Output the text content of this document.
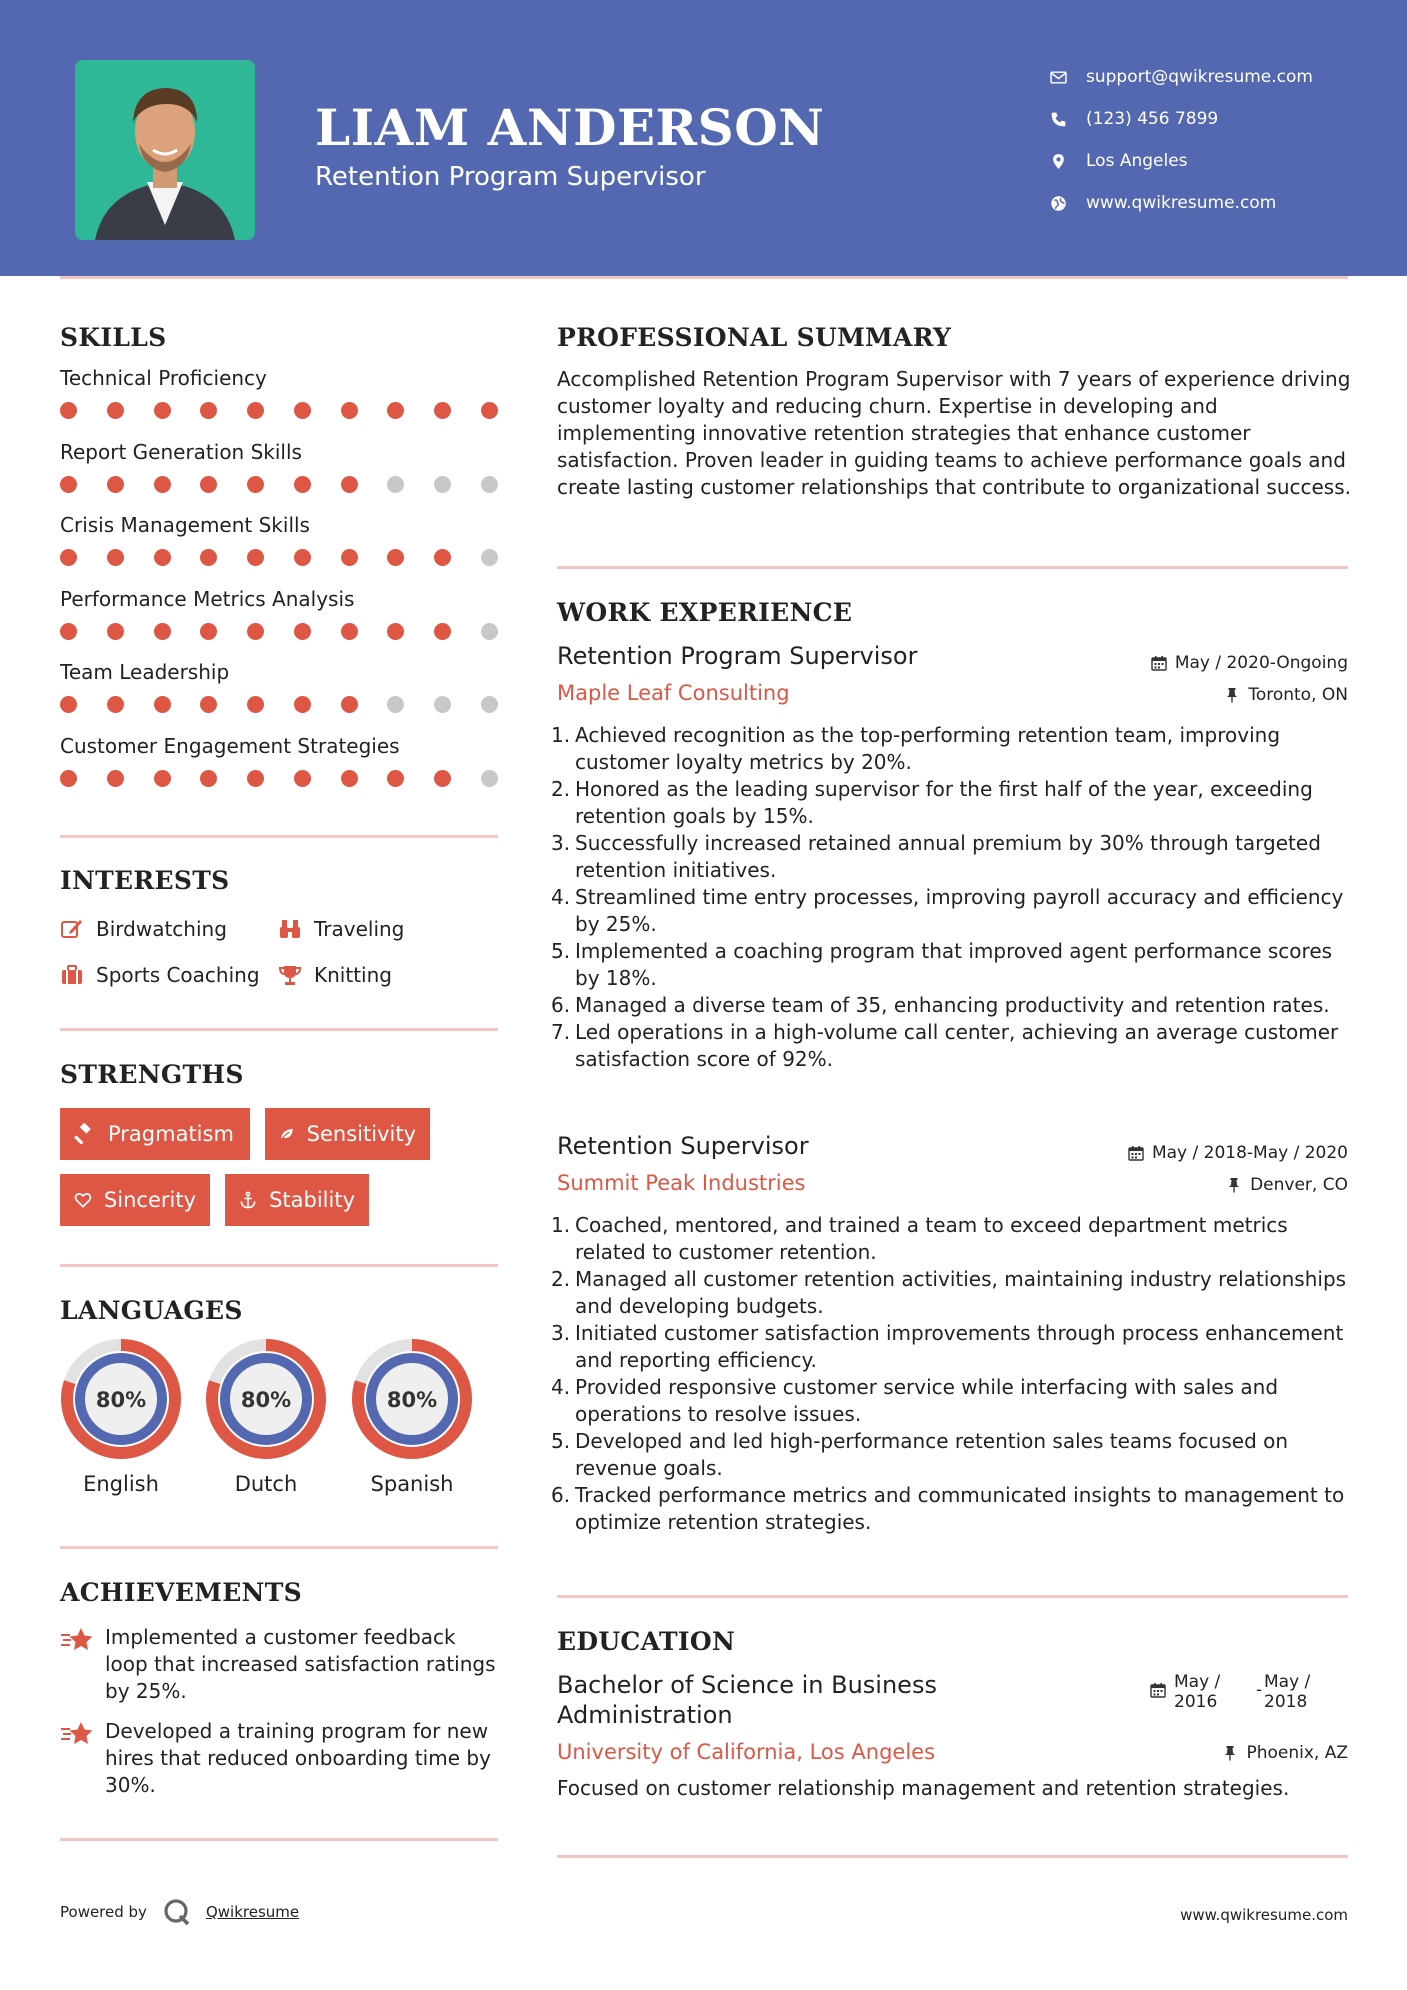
LIAM ANDERSON
Retention Program Supervisor
support@qwikresume.com
(123) 456 7899
Los Angeles
www.qwikresume.com
SKILLS
Technical Proficiency
Report Generation Skills
Crisis Management Skills
Performance Metrics Analysis
Team Leadership
Customer Engagement Strategies
INTERESTS
Birdwatching	Traveling
Sports Coaching	Knitting
STRENGTHS
Pragmatism	Sensitivity
Sincerity	Stability
LANGUAGES
80%
English
80%
Dutch
80%
Spanish
ACHIEVEMENTS
Implemented a customer feedback loop that increased satisfaction ratings by 25%.
Developed a training program for new hires that reduced onboarding time by 30%.
PROFESSIONAL SUMMARY
Accomplished Retention Program Supervisor with 7 years of experience driving customer loyalty and reducing churn. Expertise in developing and implementing innovative retention strategies that enhance customer satisfaction. Proven leader in guiding teams to achieve performance goals and create lasting customer relationships that contribute to organizational success.
WORK EXPERIENCE
Retention Program Supervisor	May / 2020-Ongoing
Maple Leaf Consulting	Toronto, ON
1. Achieved recognition as the top-performing retention team, improving customer loyalty metrics by 20%.
2. Honored as the leading supervisor for the first half of the year, exceeding retention goals by 15%.
3. Successfully increased retained annual premium by 30% through targeted retention initiatives.
4. Streamlined time entry processes, improving payroll accuracy and efficiency by 25%.
5. Implemented a coaching program that improved agent performance scores by 18%.
6. Managed a diverse team of 35, enhancing productivity and retention rates.
7. Led operations in a high-volume call center, achieving an average customer satisfaction score of 92%.
Retention Supervisor	May / 2018-May / 2020
Summit Peak Industries	Denver, CO
1. Coached, mentored, and trained a team to exceed department metrics related to customer retention.
2. Managed all customer retention activities, maintaining industry relationships and developing budgets.
3. Initiated customer satisfaction improvements through process enhancement and reporting efficiency.
4. Provided responsive customer service while interfacing with sales and operations to resolve issues.
5. Developed and led high-performance retention sales teams focused on revenue goals.
6. Tracked performance metrics and communicated insights to management to optimize retention strategies.
EDUCATION
Bachelor of Science in Business Administration
May / 2016
- May / 2018
University of California, Los Angeles	Phoenix, AZ
Focused on customer relationship management and retention strategies.
Powered by	Qwikresume	www.qwikresume.com
